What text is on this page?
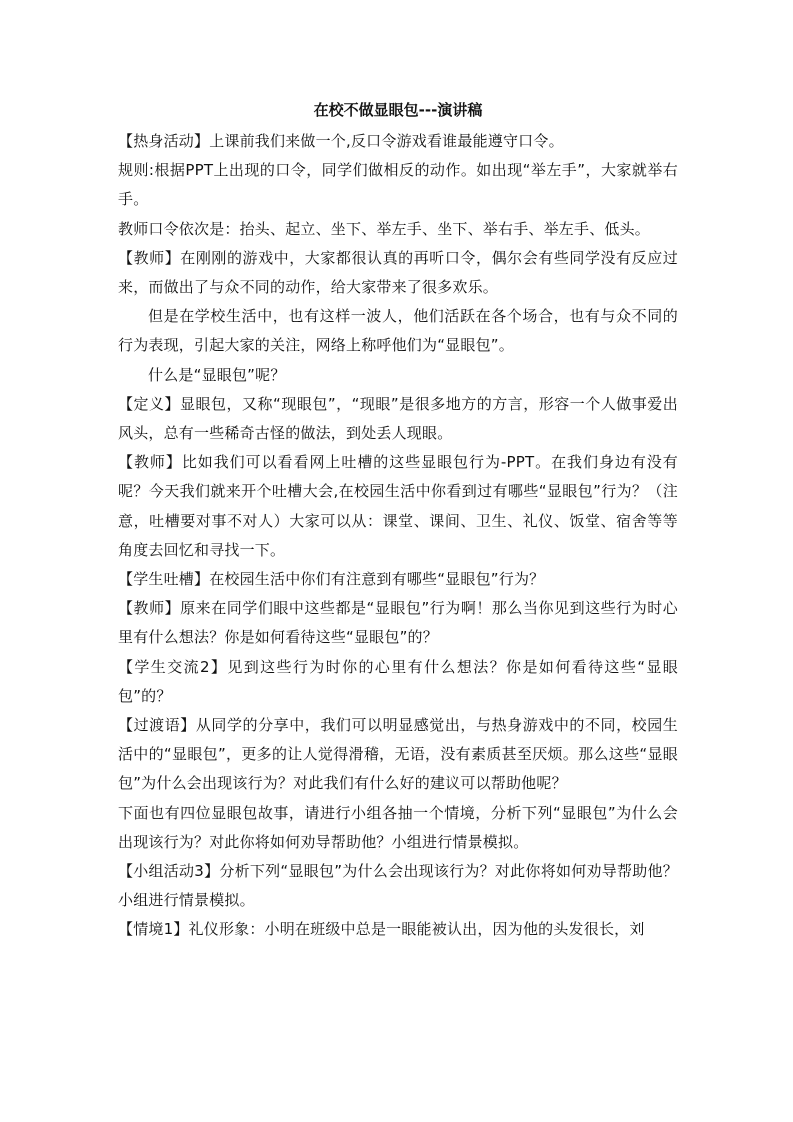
在校不做显眼包---演讲稿

【热身活动】上课前我们来做一个,反口令游戏看谁最能遵守口令。

规则:根据PPT上出现的口令，同学们做相反的动作。如出现“举左手”，大家就举右手。

教师口令依次是：抬头、起立、坐下、举左手、坐下、举右手、举左手、低头。

【教师】在刚刚的游戏中，大家都很认真的再听口令，偶尔会有些同学没有反应过来，而做出了与众不同的动作，给大家带来了很多欢乐。

但是在学校生活中，也有这样一波人，他们活跃在各个场合，也有与众不同的行为表现，引起大家的关注，网络上称呼他们为“显眼包”。

什么是“显眼包”呢？

【定义】显眼包，又称“现眼包”，“现眼”是很多地方的方言，形容一个人做事爱出风头，总有一些稀奇古怪的做法，到处丢人现眼。

【教师】比如我们可以看看网上吐槽的这些显眼包行为-PPT。在我们身边有没有呢？今天我们就来开个吐槽大会,在校园生活中你看到过有哪些“显眼包”行为？（注意，吐槽要对事不对人）大家可以从：课堂、课间、卫生、礼仪、饭堂、宿舍等等角度去回忆和寻找一下。

【学生吐槽】在校园生活中你们有注意到有哪些“显眼包”行为？

【教师】原来在同学们眼中这些都是“显眼包”行为啊！那么当你见到这些行为时心里有什么想法？你是如何看待这些“显眼包”的？

【学生交流2】见到这些行为时你的心里有什么想法？你是如何看待这些“显眼包”的？

【过渡语】从同学的分享中，我们可以明显感觉出，与热身游戏中的不同，校园生活中的“显眼包”，更多的让人觉得滑稽，无语，没有素质甚至厌烦。那么这些“显眼包”为什么会出现该行为？对此我们有什么好的建议可以帮助他呢？

下面也有四位显眼包故事，请进行小组各抽一个情境，分析下列“显眼包”为什么会出现该行为？对此你将如何劝导帮助他？小组进行情景模拟。

【小组活动3】分析下列“显眼包”为什么会出现该行为？对此你将如何劝导帮助他？小组进行情景模拟。

【情境1】礼仪形象：小明在班级中总是一眼能被认出，因为他的头发很长，刘
